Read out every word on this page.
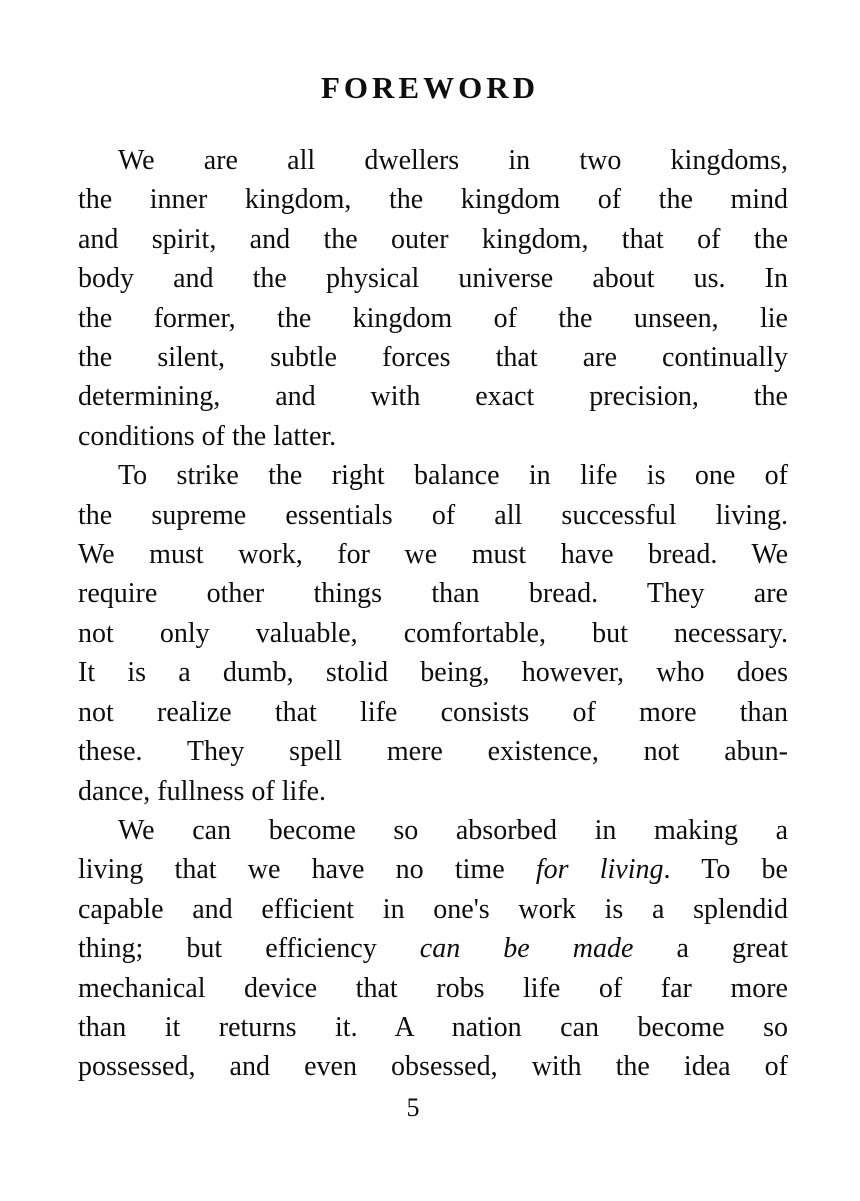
FOREWORD
We are all dwellers in two kingdoms,
the inner kingdom, the kingdom of the mind
and spirit, and the outer kingdom, that of the
body and the physical universe about us. In
the former, the kingdom of the unseen, lie
the silent, subtle forces that are continually
determining, and with exact precision, the
conditions of the latter.
To strike the right balance in life is one of
the supreme essentials of all successful living.
We must work, for we must have bread. We
require other things than bread. They are
not only valuable, comfortable, but necessary.
It is a dumb, stolid being, however, who does
not realize that life consists of more than
these. They spell mere existence, not abun-
dance, fullness of life.
We can become so absorbed in making a
living that we have no time for living. To be
capable and efficient in one's work is a splendid
thing; but efficiency can be made a great
mechanical device that robs life of far more
than it returns it. A nation can become so
possessed, and even obsessed, with the idea of
5
